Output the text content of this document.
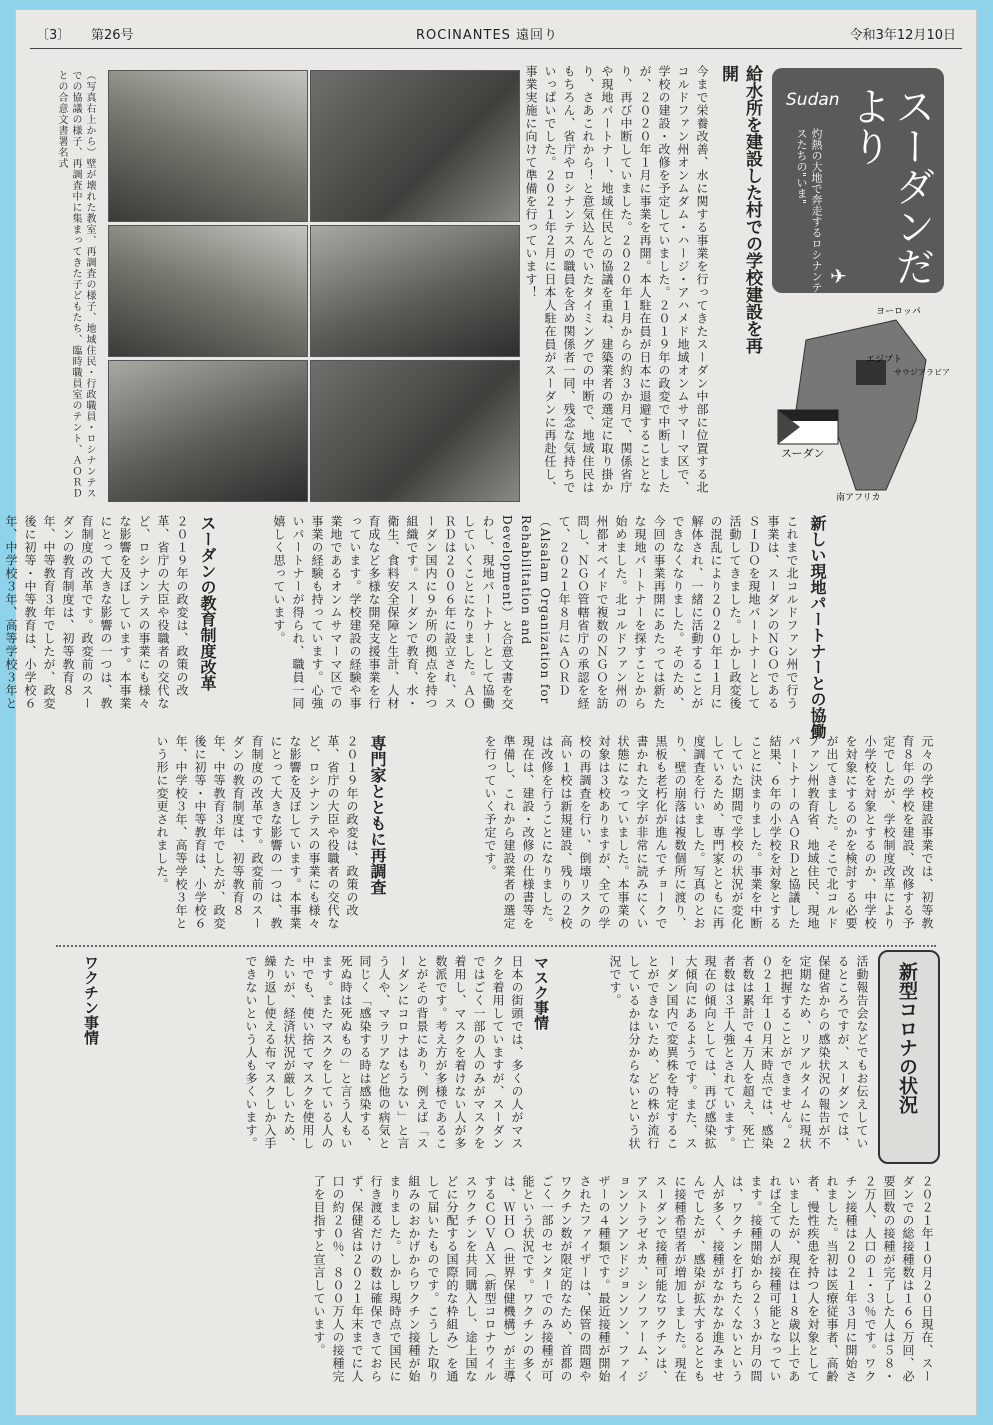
〔3〕 第26号	ROCINANTES 遠回り	令和3年12月10日
Sudan	スーダンだより
灼熱の大地で奔走するロシナンテスたちの"いま"
✈
ヨーロッパ
エジプト
サウジアラビア
スーダン
南アフリカ
給水所を建設した村での学校建設を再開
今まで栄養改善、水に関する事業を行ってきたスーダン中部に位置する北コルドファン州オンムダム・ハージ・アハメド地域オンムサマーマ区で、学校の建設・改修を予定していました。２０１９年の政変で中断しましたが、２０２０年１月に事業を再開。本人駐在員が日本に退避することとなり、再び中断していました。２０２０年１月からの約３か月で、関係省庁や現地パートナー、地域住民との協議を重ね、建築業者の選定に取り掛かり、さあこれから！と意気込んでいたタイミングでの中断で、地域住民はもちろん、省庁やロシナンテスの職員を含め関係者一同、残念な気持ちでいっぱいでした。２０２１年２月に日本人駐在員がスーダンに再赴任し、事業実施に向けて準備を行っています！
（写真右上から）壁が壊れた教室、再調査の様子、地域住民・行政職員・ロシナンテスでの協議の様子、再調査中に集まってきた子どもたち、臨時職員室のテント、ＡＯＲＤとの合意文書署名式
新しい現地パートナーとの協働
これまで北コルドファン州で行う事業は、スーダンのＮＧＯであるＳＩＤＯを現地パートナーとして活動してきました。しかし政変後の混乱により２０２０年１１月に解体され、一緒に活動することができなくなりました。そのため、今回の事業再開にあたっては新たな現地パートナーを探すことから始めました。北コルドファン州の州都オベイドで複数のＮＧＯを訪問し、ＮＧＯ管轄省庁の承認を経て、２０２１年８月にＡＯＲＤ（Alsalam Organization for Rehabilitation and Development）と合意文書を交わし、現地パートナーとして協働していくことになりました。ＡＯＲＤは２００６年に設立され、スーダン国内に９か所の拠点を持つ組織です。スーダンで教育、水・衛生、食料安全保障と生計、人材育成など多様な開発支援事業を行っています。学校建設の経験や事業地であるオンムサマーマ区での事業の経験も持っています。心強いパートナーが得られ、職員一同嬉しく思っています。
スーダンの教育制度改革
２０１９年の政変は、政策の改革、省庁の大臣や役職者の交代など、ロシナンテスの事業にも様々な影響を及ぼしています。本事業にとって大きな影響の一つは、教育制度の改革です。政変前のスーダンの教育制度は、初等教育８年、中等教育３年でしたが、政変後に初等・中等教育は、小学校６年、中学校３年、高等学校３年と
元々の学校建設事業では、初等教育８年の学校を建設、改修する予定でしたが、学校制度改革により小学校を対象とするのか、中学校を対象にするのかを検討する必要が出てきました。そこで北コルドファン州教育省、地域住民、現地パートナーのＡＯＲＤと協議した結果、６年の小学校を対象とすることに決まりました。事業を中断していた期間で学校の状況が変化しているため、専門家とともに再度調査を行いました。写真のとおり、壁の崩落は複数個所に渡り、黒板も老朽化が進んでチョークで書かれた文字が非常に読みにくい状態になっていました。本事業の対象は３校ありますが、全ての学校の再調査を行い、倒壊リスクの高い１校は新規建設、残りの２校は改修を行うことになりました。現在は、建設・改修の仕様書等を準備し、これから建設業者の選定を行っていく予定です。
専門家とともに再調査
２０１９年の政変は、政策の改革、省庁の大臣や役職者の交代など、ロシナンテスの事業にも様々な影響を及ぼしています。本事業にとって大きな影響の一つは、教育制度の改革です。政変前のスーダンの教育制度は、初等教育８年、中等教育３年でしたが、政変後に初等・中等教育は、小学校６年、中学校３年、高等学校３年という形に変更されました。
新型コロナの状況
活動報告会などでもお伝えしているところですが、スーダンでは、保健省からの感染状況の報告が不定期なため、リアルタイムに現状を把握することができません。２０２１年１０月末時点では、感染者数は累計で４万人を超え、死亡者数は３千人強とされています。現在の傾向としては、再び感染拡大傾向にあるようです。また、スーダン国内で変異株を特定することができないため、どの株が流行しているかは分からないという状況です。
マスク事情
日本の街頭では、多くの人がマスクを着用していますが、スーダンではごく一部の人のみがマスクを着用し、マスクを着けない人が多数派です。考え方が多様であることがその背景にあり、例えば「スーダンにコロナはもうない」と言う人や、マラリアなど他の病気と同じく「感染する時は感染する、死ぬ時は死ぬもの」と言う人もいます。またマスクをしている人の中でも、使い捨てマスクを使用したいが、経済状況が厳しいため、繰り返し使える布マスクしか入手できないという人も多くいます。
ワクチン事情
２０２１年１０月２０日現在、スーダンでの総接種数は１６６万回、必要回数の接種が完了した人は５８・２万人、人口の１・３％です。ワクチン接種は２０２１年３月に開始されました。当初は医療従事者、高齢者、慢性疾患を持つ人を対象としていましたが、現在は１８歳以上であれば全ての人が接種可能となっています。接種開始から２〜３か月の間は、ワクチンを打ちたくないという人が多く、接種がなかなか進みませんでしたが、感染が拡大するとともに接種希望者が増加しました。現在スーダンで接種可能なワクチンは、アストラゼネカ、シノファーム、ジョンソンアンドジョンソン、ファイザーの４種類です。最近接種が開始されたファイザーは、保管の問題やワクチン数が限定的なため、首都のごく一部のセンターでのみ接種が可能という状況です。ワクチンの多くは、ＷＨＯ（世界保健機構）が主導するＣＯＶＡＸ（新型コロナウイルスワクチンを共同購入し、途上国などに分配する国際的な枠組み）を通して届いたものです。こうした取り組みのおかげからワクチン接種が始まりました。しかし現時点で国民に行き渡るだけの数は確保できておらず、保健省は２０２１年末までに人口の約２０％、８００万人の接種完了を目指すと宣言しています。
